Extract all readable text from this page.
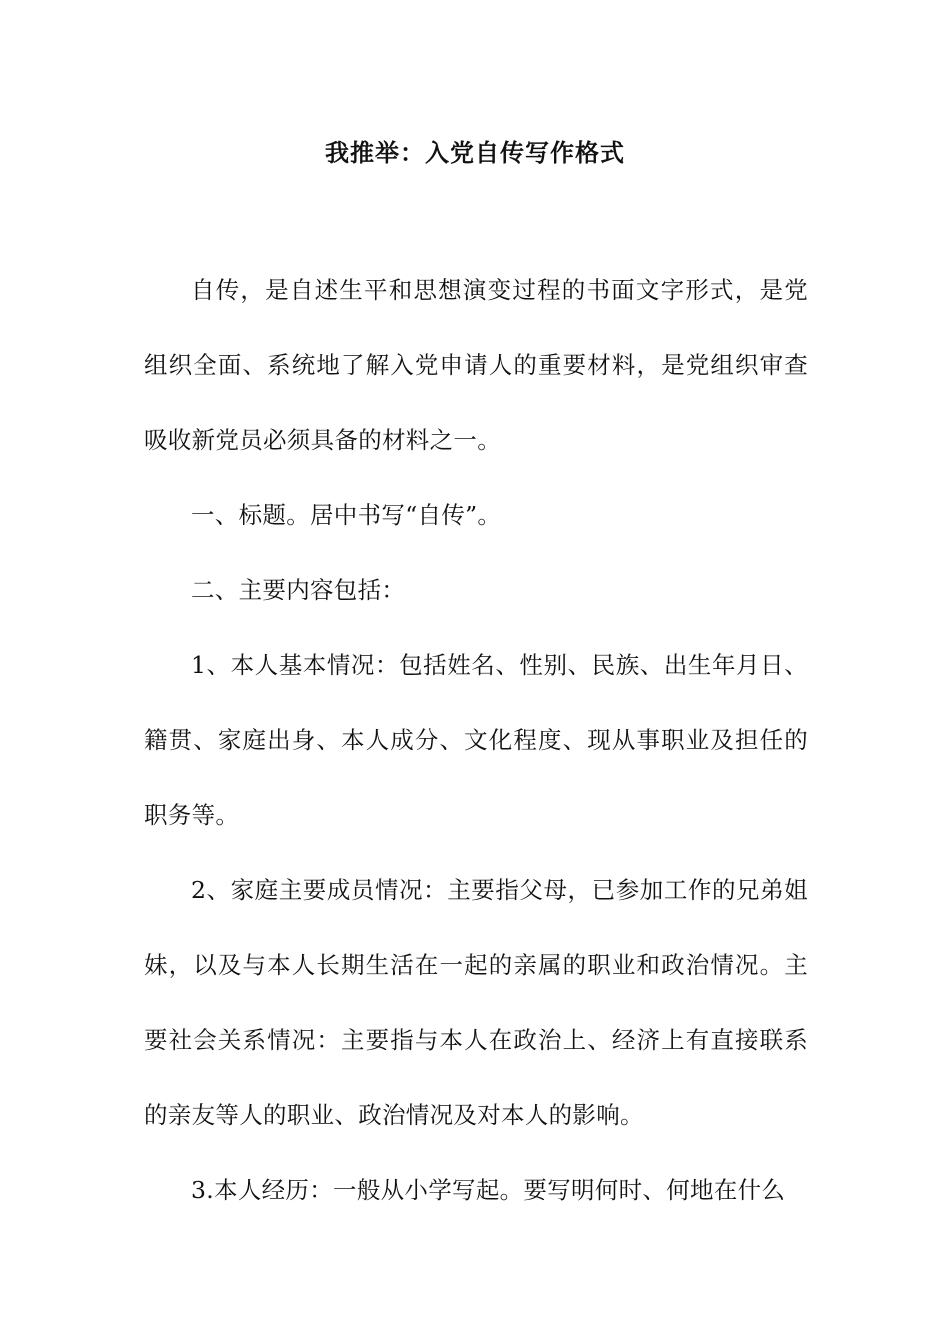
我推举：入党自传写作格式

自传，是自述生平和思想演变过程的书面文字形式，是党组织全面、系统地了解入党申请人的重要材料，是党组织审查吸收新党员必须具备的材料之一。

一、标题。居中书写“自传”。

二、主要内容包括：

1、本人基本情况：包括姓名、性别、民族、出生年月日、籍贯、家庭出身、本人成分、文化程度、现从事职业及担任的职务等。

2、家庭主要成员情况：主要指父母，已参加工作的兄弟姐妹，以及与本人长期生活在一起的亲属的职业和政治情况。主要社会关系情况：主要指与本人在政治上、经济上有直接联系的亲友等人的职业、政治情况及对本人的影响。

3.本人经历：一般从小学写起。要写明何时、何地在什么
